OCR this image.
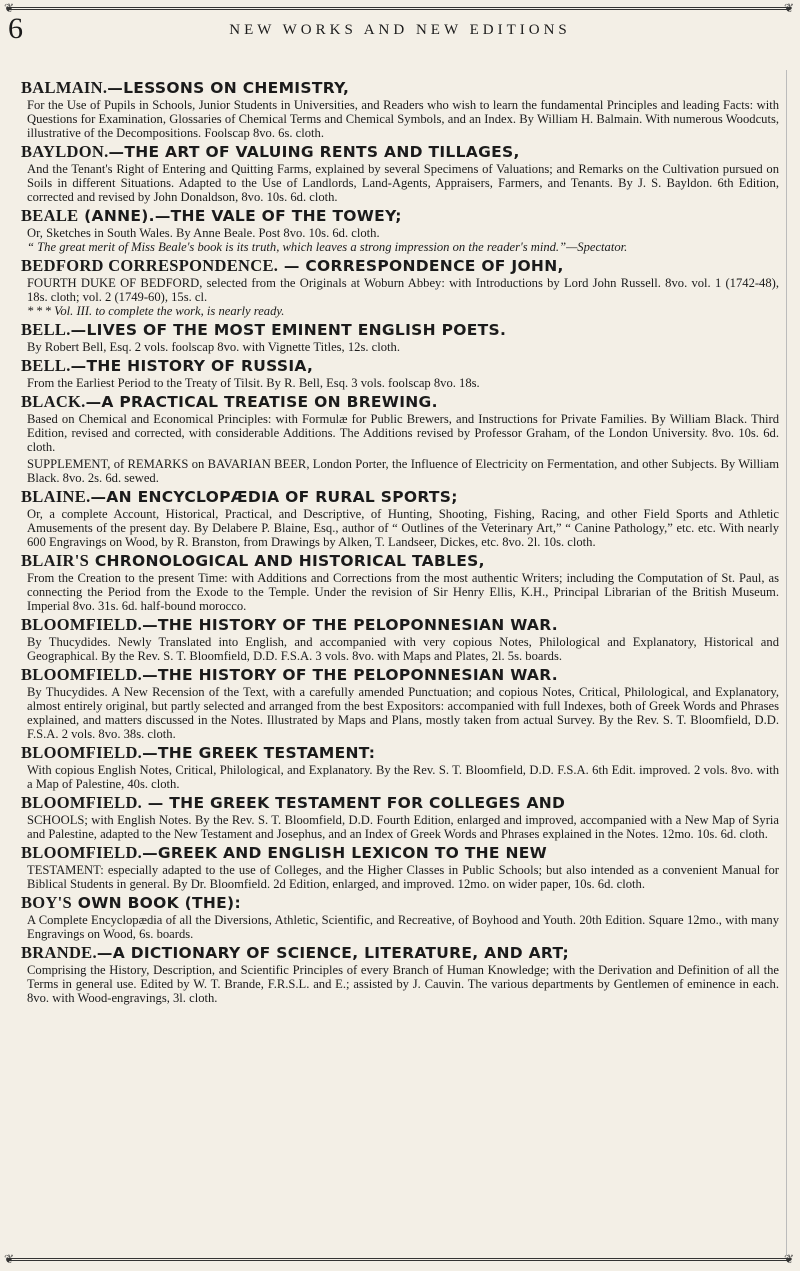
❦	❦
6	NEW WORKS AND NEW EDITIONS
BALMAIN.—LESSONS ON CHEMISTRY,
For the Use of Pupils in Schools, Junior Students in Universities, and Readers who wish to learn the fundamental Principles and leading Facts: with Questions for Examination, Glossaries of Chemical Terms and Chemical Symbols, and an Index. By William H. Balmain. With numerous Woodcuts, illustrative of the Decompositions. Foolscap 8vo. 6s. cloth.
BAYLDON.—THE ART OF VALUING RENTS AND TILLAGES,
And the Tenant's Right of Entering and Quitting Farms, explained by several Specimens of Valuations; and Remarks on the Cultivation pursued on Soils in different Situations. Adapted to the Use of Landlords, Land-Agents, Appraisers, Farmers, and Tenants. By J. S. Bayldon. 6th Edition, corrected and revised by John Donaldson, 8vo. 10s. 6d. cloth.
BEALE (ANNE).—THE VALE OF THE TOWEY;
Or, Sketches in South Wales. By Anne Beale. Post 8vo. 10s. 6d. cloth.
“ The great merit of Miss Beale's book is its truth, which leaves a strong impression on the reader's mind.”—Spectator.
BEDFORD CORRESPONDENCE. — CORRESPONDENCE OF JOHN,
FOURTH DUKE OF BEDFORD, selected from the Originals at Woburn Abbey: with Introductions by Lord John Russell. 8vo. vol. 1 (1742-48), 18s. cloth; vol. 2 (1749-60), 15s. cl.
* * * Vol. III. to complete the work, is nearly ready.
BELL.—LIVES OF THE MOST EMINENT ENGLISH POETS.
By Robert Bell, Esq. 2 vols. foolscap 8vo. with Vignette Titles, 12s. cloth.
BELL.—THE HISTORY OF RUSSIA,
From the Earliest Period to the Treaty of Tilsit. By R. Bell, Esq. 3 vols. foolscap 8vo. 18s.
BLACK.—A PRACTICAL TREATISE ON BREWING.
Based on Chemical and Economical Principles: with Formulæ for Public Brewers, and Instructions for Private Families. By William Black. Third Edition, revised and corrected, with considerable Additions. The Additions revised by Professor Graham, of the London University. 8vo. 10s. 6d. cloth.
SUPPLEMENT, of REMARKS on BAVARIAN BEER, London Porter, the Influence of Electricity on Fermentation, and other Subjects. By William Black. 8vo. 2s. 6d. sewed.
BLAINE.—AN ENCYCLOPÆDIA OF RURAL SPORTS;
Or, a complete Account, Historical, Practical, and Descriptive, of Hunting, Shooting, Fishing, Racing, and other Field Sports and Athletic Amusements of the present day. By Delabere P. Blaine, Esq., author of “ Outlines of the Veterinary Art,” “ Canine Pathology,” etc. etc. With nearly 600 Engravings on Wood, by R. Branston, from Drawings by Alken, T. Landseer, Dickes, etc. 8vo. 2l. 10s. cloth.
BLAIR'S CHRONOLOGICAL AND HISTORICAL TABLES,
From the Creation to the present Time: with Additions and Corrections from the most authentic Writers; including the Computation of St. Paul, as connecting the Period from the Exode to the Temple. Under the revision of Sir Henry Ellis, K.H., Principal Librarian of the British Museum. Imperial 8vo. 31s. 6d. half-bound morocco.
BLOOMFIELD.—THE HISTORY OF THE PELOPONNESIAN WAR.
By Thucydides. Newly Translated into English, and accompanied with very copious Notes, Philological and Explanatory, Historical and Geographical. By the Rev. S. T. Bloomfield, D.D. F.S.A. 3 vols. 8vo. with Maps and Plates, 2l. 5s. boards.
BLOOMFIELD.—THE HISTORY OF THE PELOPONNESIAN WAR.
By Thucydides. A New Recension of the Text, with a carefully amended Punctuation; and copious Notes, Critical, Philological, and Explanatory, almost entirely original, but partly selected and arranged from the best Expositors: accompanied with full Indexes, both of Greek Words and Phrases explained, and matters discussed in the Notes. Illustrated by Maps and Plans, mostly taken from actual Survey. By the Rev. S. T. Bloomfield, D.D. F.S.A. 2 vols. 8vo. 38s. cloth.
BLOOMFIELD.—THE GREEK TESTAMENT:
With copious English Notes, Critical, Philological, and Explanatory. By the Rev. S. T. Bloomfield, D.D. F.S.A. 6th Edit. improved. 2 vols. 8vo. with a Map of Palestine, 40s. cloth.
BLOOMFIELD. — THE GREEK TESTAMENT FOR COLLEGES AND
SCHOOLS; with English Notes. By the Rev. S. T. Bloomfield, D.D. Fourth Edition, enlarged and improved, accompanied with a New Map of Syria and Palestine, adapted to the New Testament and Josephus, and an Index of Greek Words and Phrases explained in the Notes. 12mo. 10s. 6d. cloth.
BLOOMFIELD.—GREEK AND ENGLISH LEXICON TO THE NEW
TESTAMENT: especially adapted to the use of Colleges, and the Higher Classes in Public Schools; but also intended as a convenient Manual for Biblical Students in general. By Dr. Bloomfield. 2d Edition, enlarged, and improved. 12mo. on wider paper, 10s. 6d. cloth.
BOY'S OWN BOOK (THE):
A Complete Encyclopædia of all the Diversions, Athletic, Scientific, and Recreative, of Boyhood and Youth. 20th Edition. Square 12mo., with many Engravings on Wood, 6s. boards.
BRANDE.—A DICTIONARY OF SCIENCE, LITERATURE, AND ART;
Comprising the History, Description, and Scientific Principles of every Branch of Human Knowledge; with the Derivation and Definition of all the Terms in general use. Edited by W. T. Brande, F.R.S.L. and E.; assisted by J. Cauvin. The various departments by Gentlemen of eminence in each. 8vo. with Wood-engravings, 3l. cloth.
❦	❦
